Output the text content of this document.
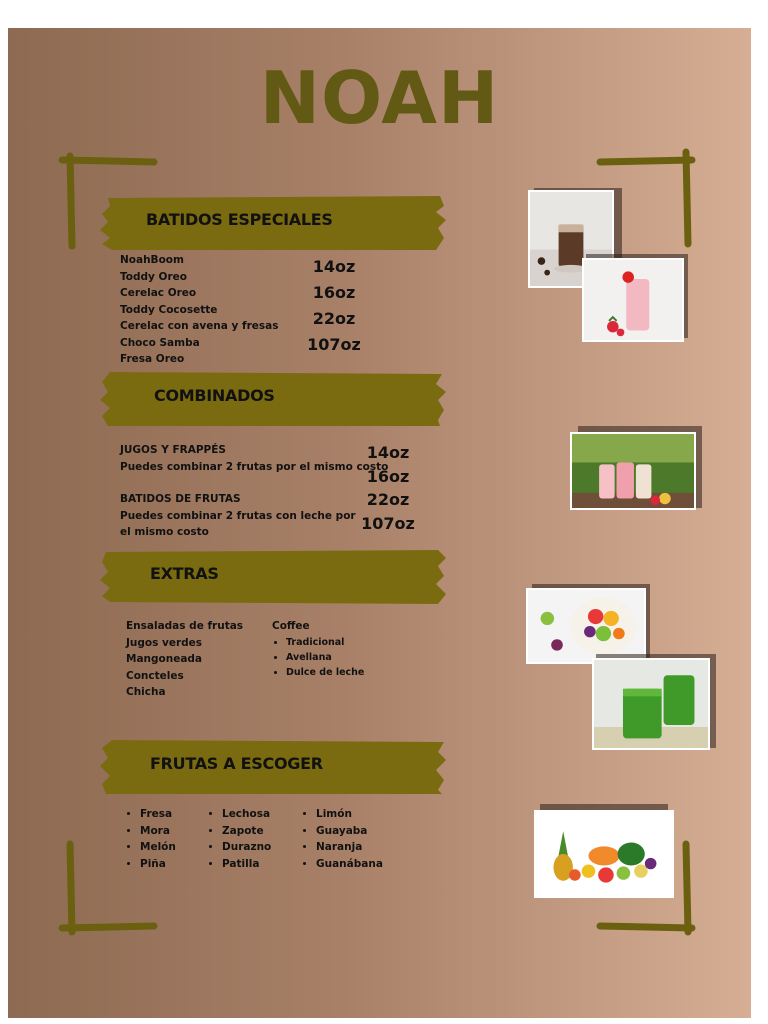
NOAH
BATIDOS ESPECIALES
NoahBoom
Toddy Oreo
Cerelac Oreo
Toddy Cocosette
Cerelac con avena y fresas
Choco Samba
Fresa Oreo
14oz
16oz
22oz
107oz
COMBINADOS
JUGOS Y FRAPPÉS
Puedes combinar 2 frutas por el mismo costo
BATIDOS DE FRUTAS
Puedes combinar 2 frutas con leche por
el mismo costo
14oz
16oz
22oz
107oz
EXTRAS
Ensaladas de frutas
Jugos verdes
Mangoneada
Concteles
Chicha
Coffee
• Tradicional
• Avellana
• Dulce de leche
FRUTAS A ESCOGER
• Fresa
• Mora
• Melón
• Piña
• Lechosa
• Zapote
• Durazno
• Patilla
• Limón
• Guayaba
• Naranja
• Guanábana
